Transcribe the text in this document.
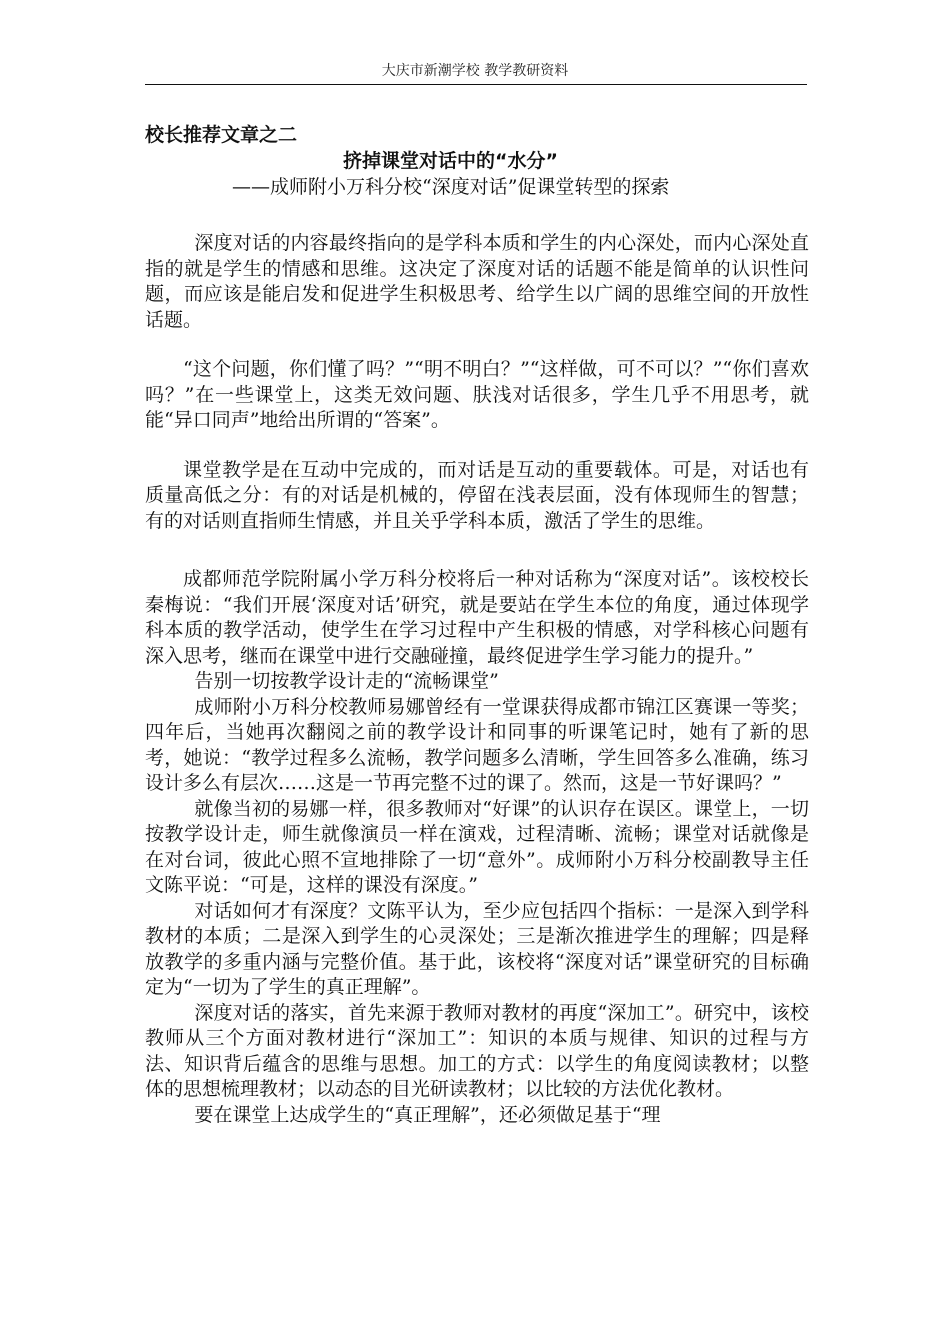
大庆市新潮学校 教学教研资料

校长推荐文章之二

挤掉课堂对话中的“水分”

——成师附小万科分校“深度对话”促课堂转型的探索

深度对话的内容最终指向的是学科本质和学生的内心深处，而内心深处直指的就是学生的情感和思维。这决定了深度对话的话题不能是简单的认识性问题，而应该是能启发和促进学生积极思考、给学生以广阔的思维空间的开放性话题。

“这个问题，你们懂了吗？”“明不明白？”“这样做，可不可以？”“你们喜欢吗？”在一些课堂上，这类无效问题、肤浅对话很多，学生几乎不用思考，就能“异口同声”地给出所谓的“答案”。

课堂教学是在互动中完成的，而对话是互动的重要载体。可是，对话也有质量高低之分：有的对话是机械的，停留在浅表层面，没有体现师生的智慧；有的对话则直指师生情感，并且关乎学科本质，激活了学生的思维。

成都师范学院附属小学万科分校将后一种对话称为“深度对话”。该校校长秦梅说：“我们开展‘深度对话’研究，就是要站在学生本位的角度，通过体现学科本质的教学活动，使学生在学习过程中产生积极的情感，对学科核心问题有深入思考，继而在课堂中进行交融碰撞，最终促进学生学习能力的提升。”

告别一切按教学设计走的“流畅课堂”

成师附小万科分校教师易娜曾经有一堂课获得成都市锦江区赛课一等奖；四年后，当她再次翻阅之前的教学设计和同事的听课笔记时，她有了新的思考，她说：“教学过程多么流畅，教学问题多么清晰，学生回答多么准确，练习设计多么有层次……这是一节再完整不过的课了。然而，这是一节好课吗？”

就像当初的易娜一样，很多教师对“好课”的认识存在误区。课堂上，一切按教学设计走，师生就像演员一样在演戏，过程清晰、流畅；课堂对话就像是在对台词，彼此心照不宣地排除了一切“意外”。成师附小万科分校副教导主任文陈平说：“可是，这样的课没有深度。”

对话如何才有深度？文陈平认为，至少应包括四个指标：一是深入到学科教材的本质；二是深入到学生的心灵深处；三是渐次推进学生的理解；四是释放教学的多重内涵与完整价值。基于此，该校将“深度对话”课堂研究的目标确定为“一切为了学生的真正理解”。

深度对话的落实，首先来源于教师对教材的再度“深加工”。研究中，该校教师从三个方面对教材进行“深加工”：知识的本质与规律、知识的过程与方法、知识背后蕴含的思维与思想。加工的方式：以学生的角度阅读教材；以整体的思想梳理教材；以动态的目光研读教材；以比较的方法优化教材。

要在课堂上达成学生的“真正理解”，还必须做足基于“理
